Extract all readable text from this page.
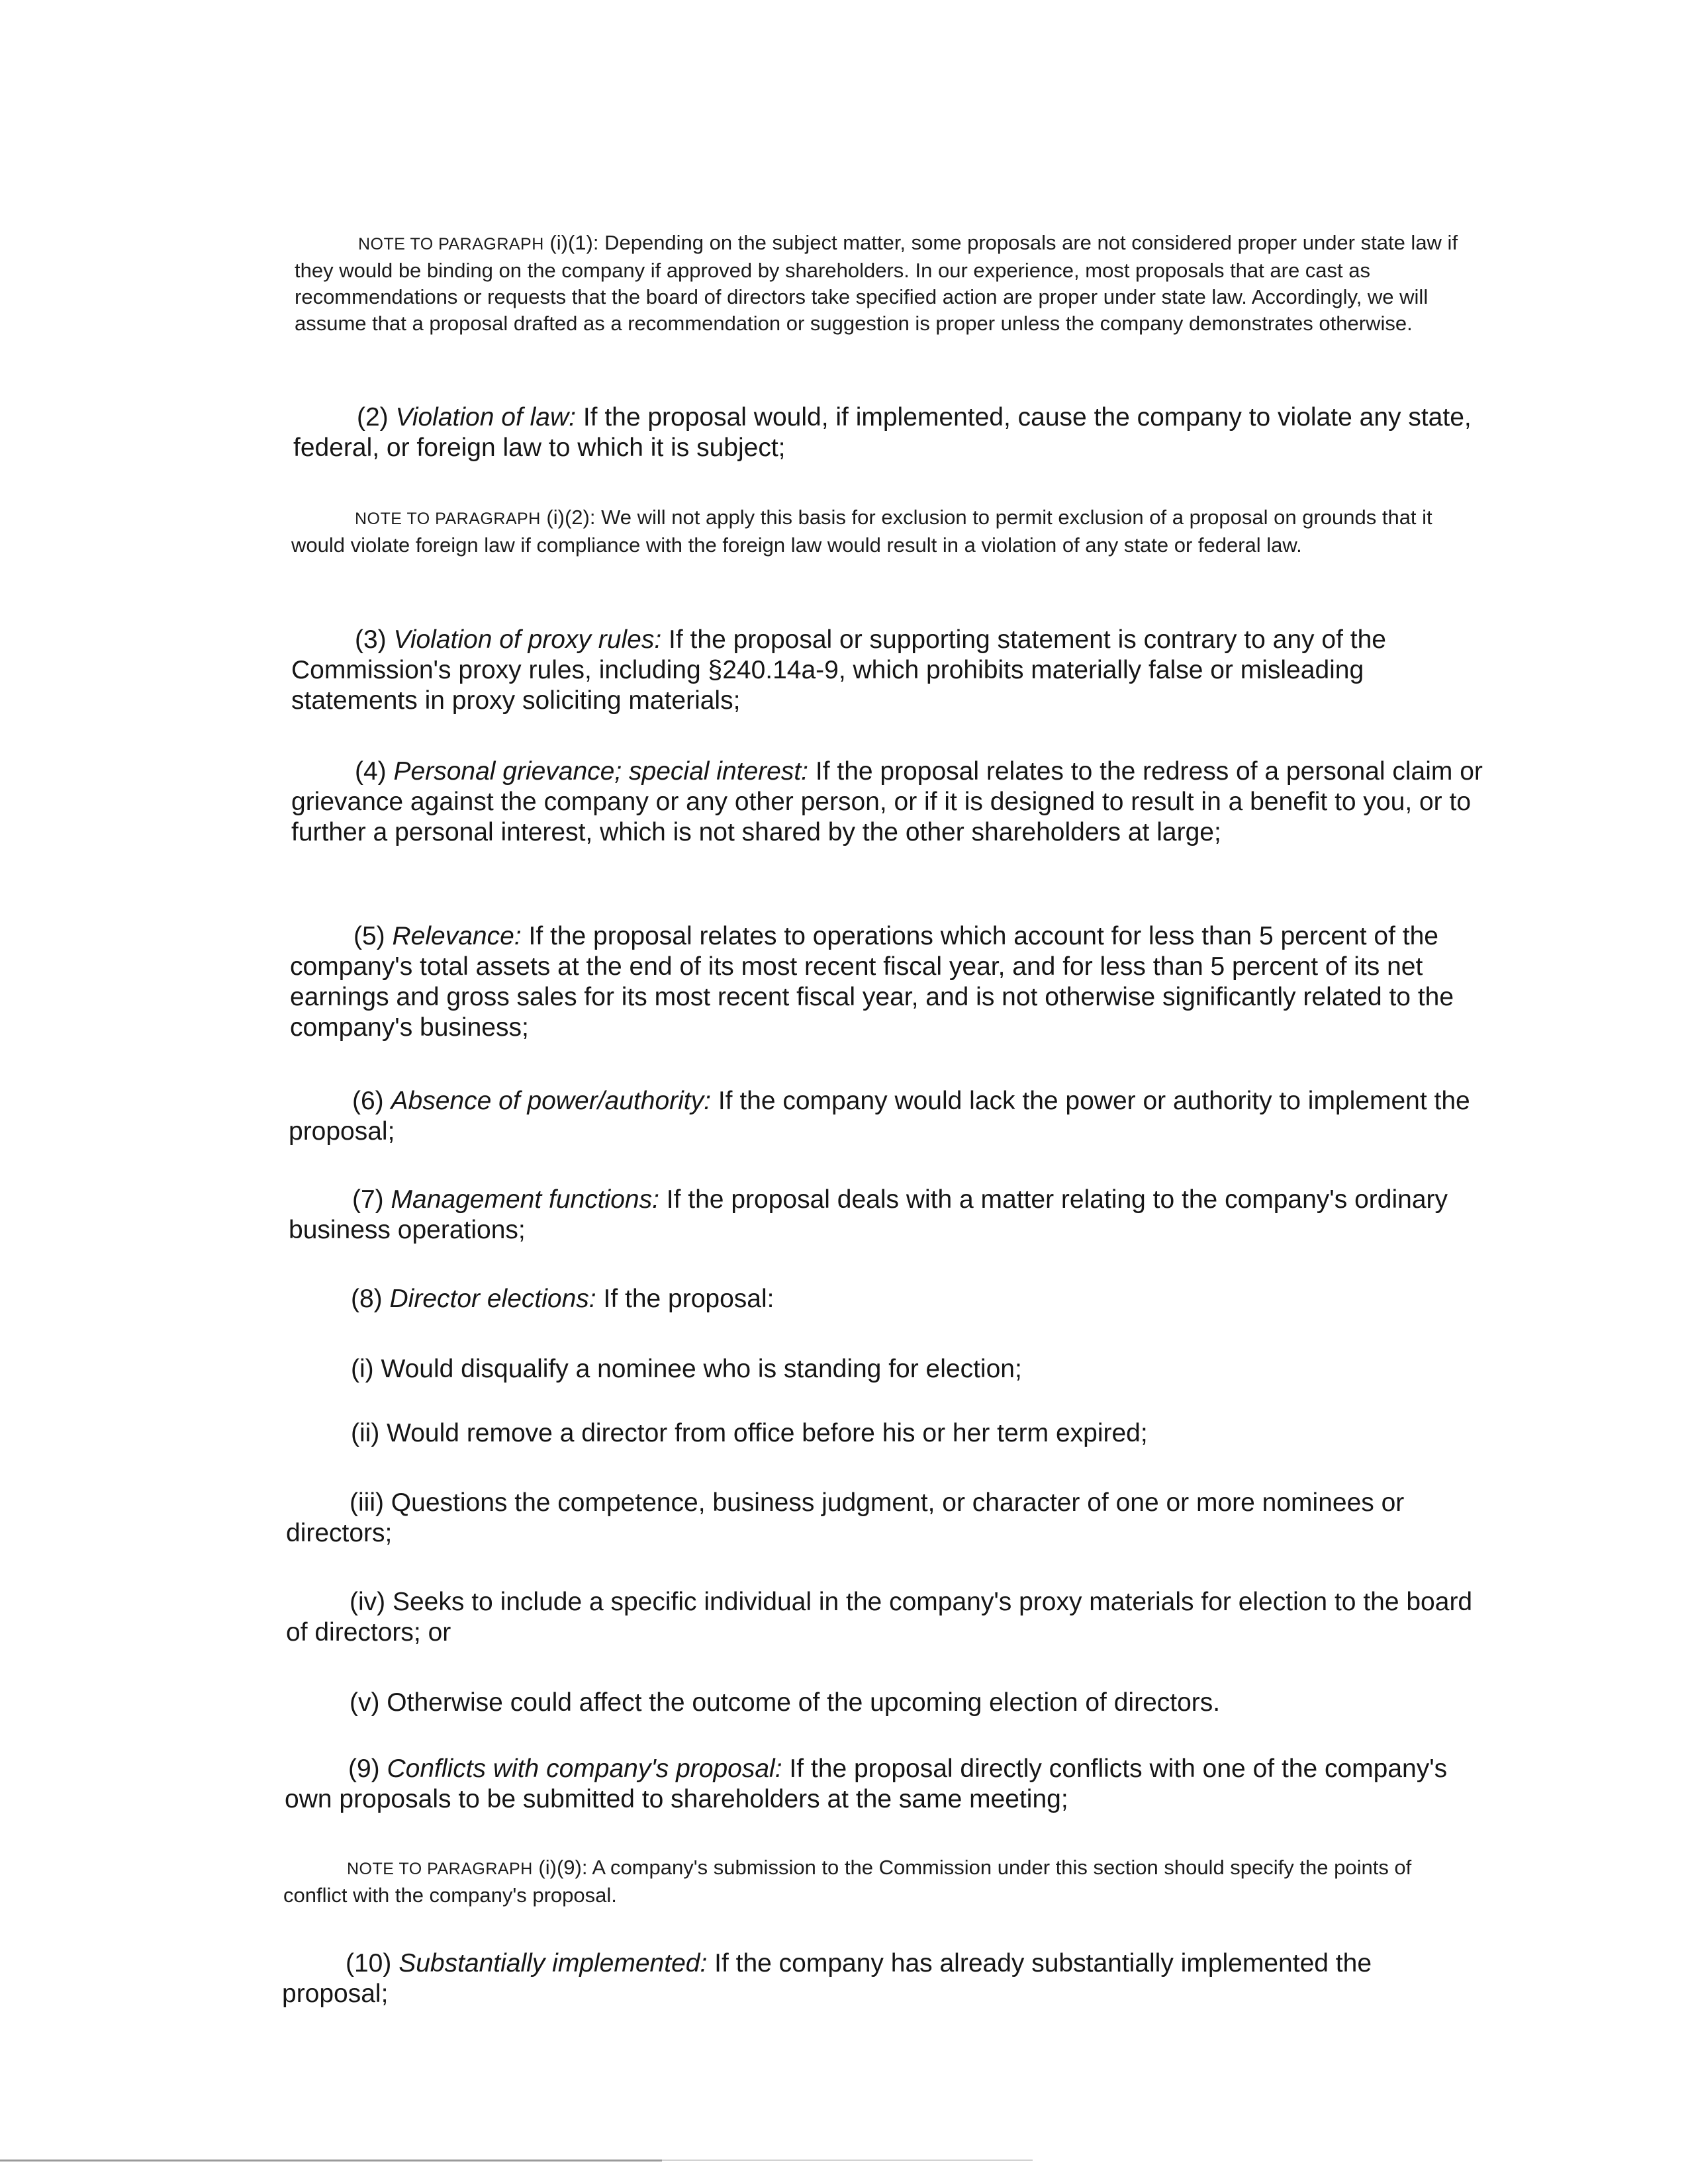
NOTE TO PARAGRAPH (i)(1): Depending on the subject matter, some proposals are not considered proper under state law if they would be binding on the company if approved by shareholders. In our experience, most proposals that are cast as recommendations or requests that the board of directors take specified action are proper under state law. Accordingly, we will assume that a proposal drafted as a recommendation or suggestion is proper unless the company demonstrates otherwise.
(2) Violation of law: If the proposal would, if implemented, cause the company to violate any state, federal, or foreign law to which it is subject;
NOTE TO PARAGRAPH (i)(2): We will not apply this basis for exclusion to permit exclusion of a proposal on grounds that it would violate foreign law if compliance with the foreign law would result in a violation of any state or federal law.
(3) Violation of proxy rules: If the proposal or supporting statement is contrary to any of the Commission's proxy rules, including §240.14a-9, which prohibits materially false or misleading statements in proxy soliciting materials;
(4) Personal grievance; special interest: If the proposal relates to the redress of a personal claim or grievance against the company or any other person, or if it is designed to result in a benefit to you, or to further a personal interest, which is not shared by the other shareholders at large;
(5) Relevance: If the proposal relates to operations which account for less than 5 percent of the company's total assets at the end of its most recent fiscal year, and for less than 5 percent of its net earnings and gross sales for its most recent fiscal year, and is not otherwise significantly related to the company's business;
(6) Absence of power/authority: If the company would lack the power or authority to implement the proposal;
(7) Management functions: If the proposal deals with a matter relating to the company's ordinary business operations;
(8) Director elections: If the proposal:
(i) Would disqualify a nominee who is standing for election;
(ii) Would remove a director from office before his or her term expired;
(iii) Questions the competence, business judgment, or character of one or more nominees or directors;
(iv) Seeks to include a specific individual in the company's proxy materials for election to the board of directors; or
(v) Otherwise could affect the outcome of the upcoming election of directors.
(9) Conflicts with company's proposal: If the proposal directly conflicts with one of the company's own proposals to be submitted to shareholders at the same meeting;
NOTE TO PARAGRAPH (i)(9): A company's submission to the Commission under this section should specify the points of conflict with the company's proposal.
(10) Substantially implemented: If the company has already substantially implemented the proposal;
